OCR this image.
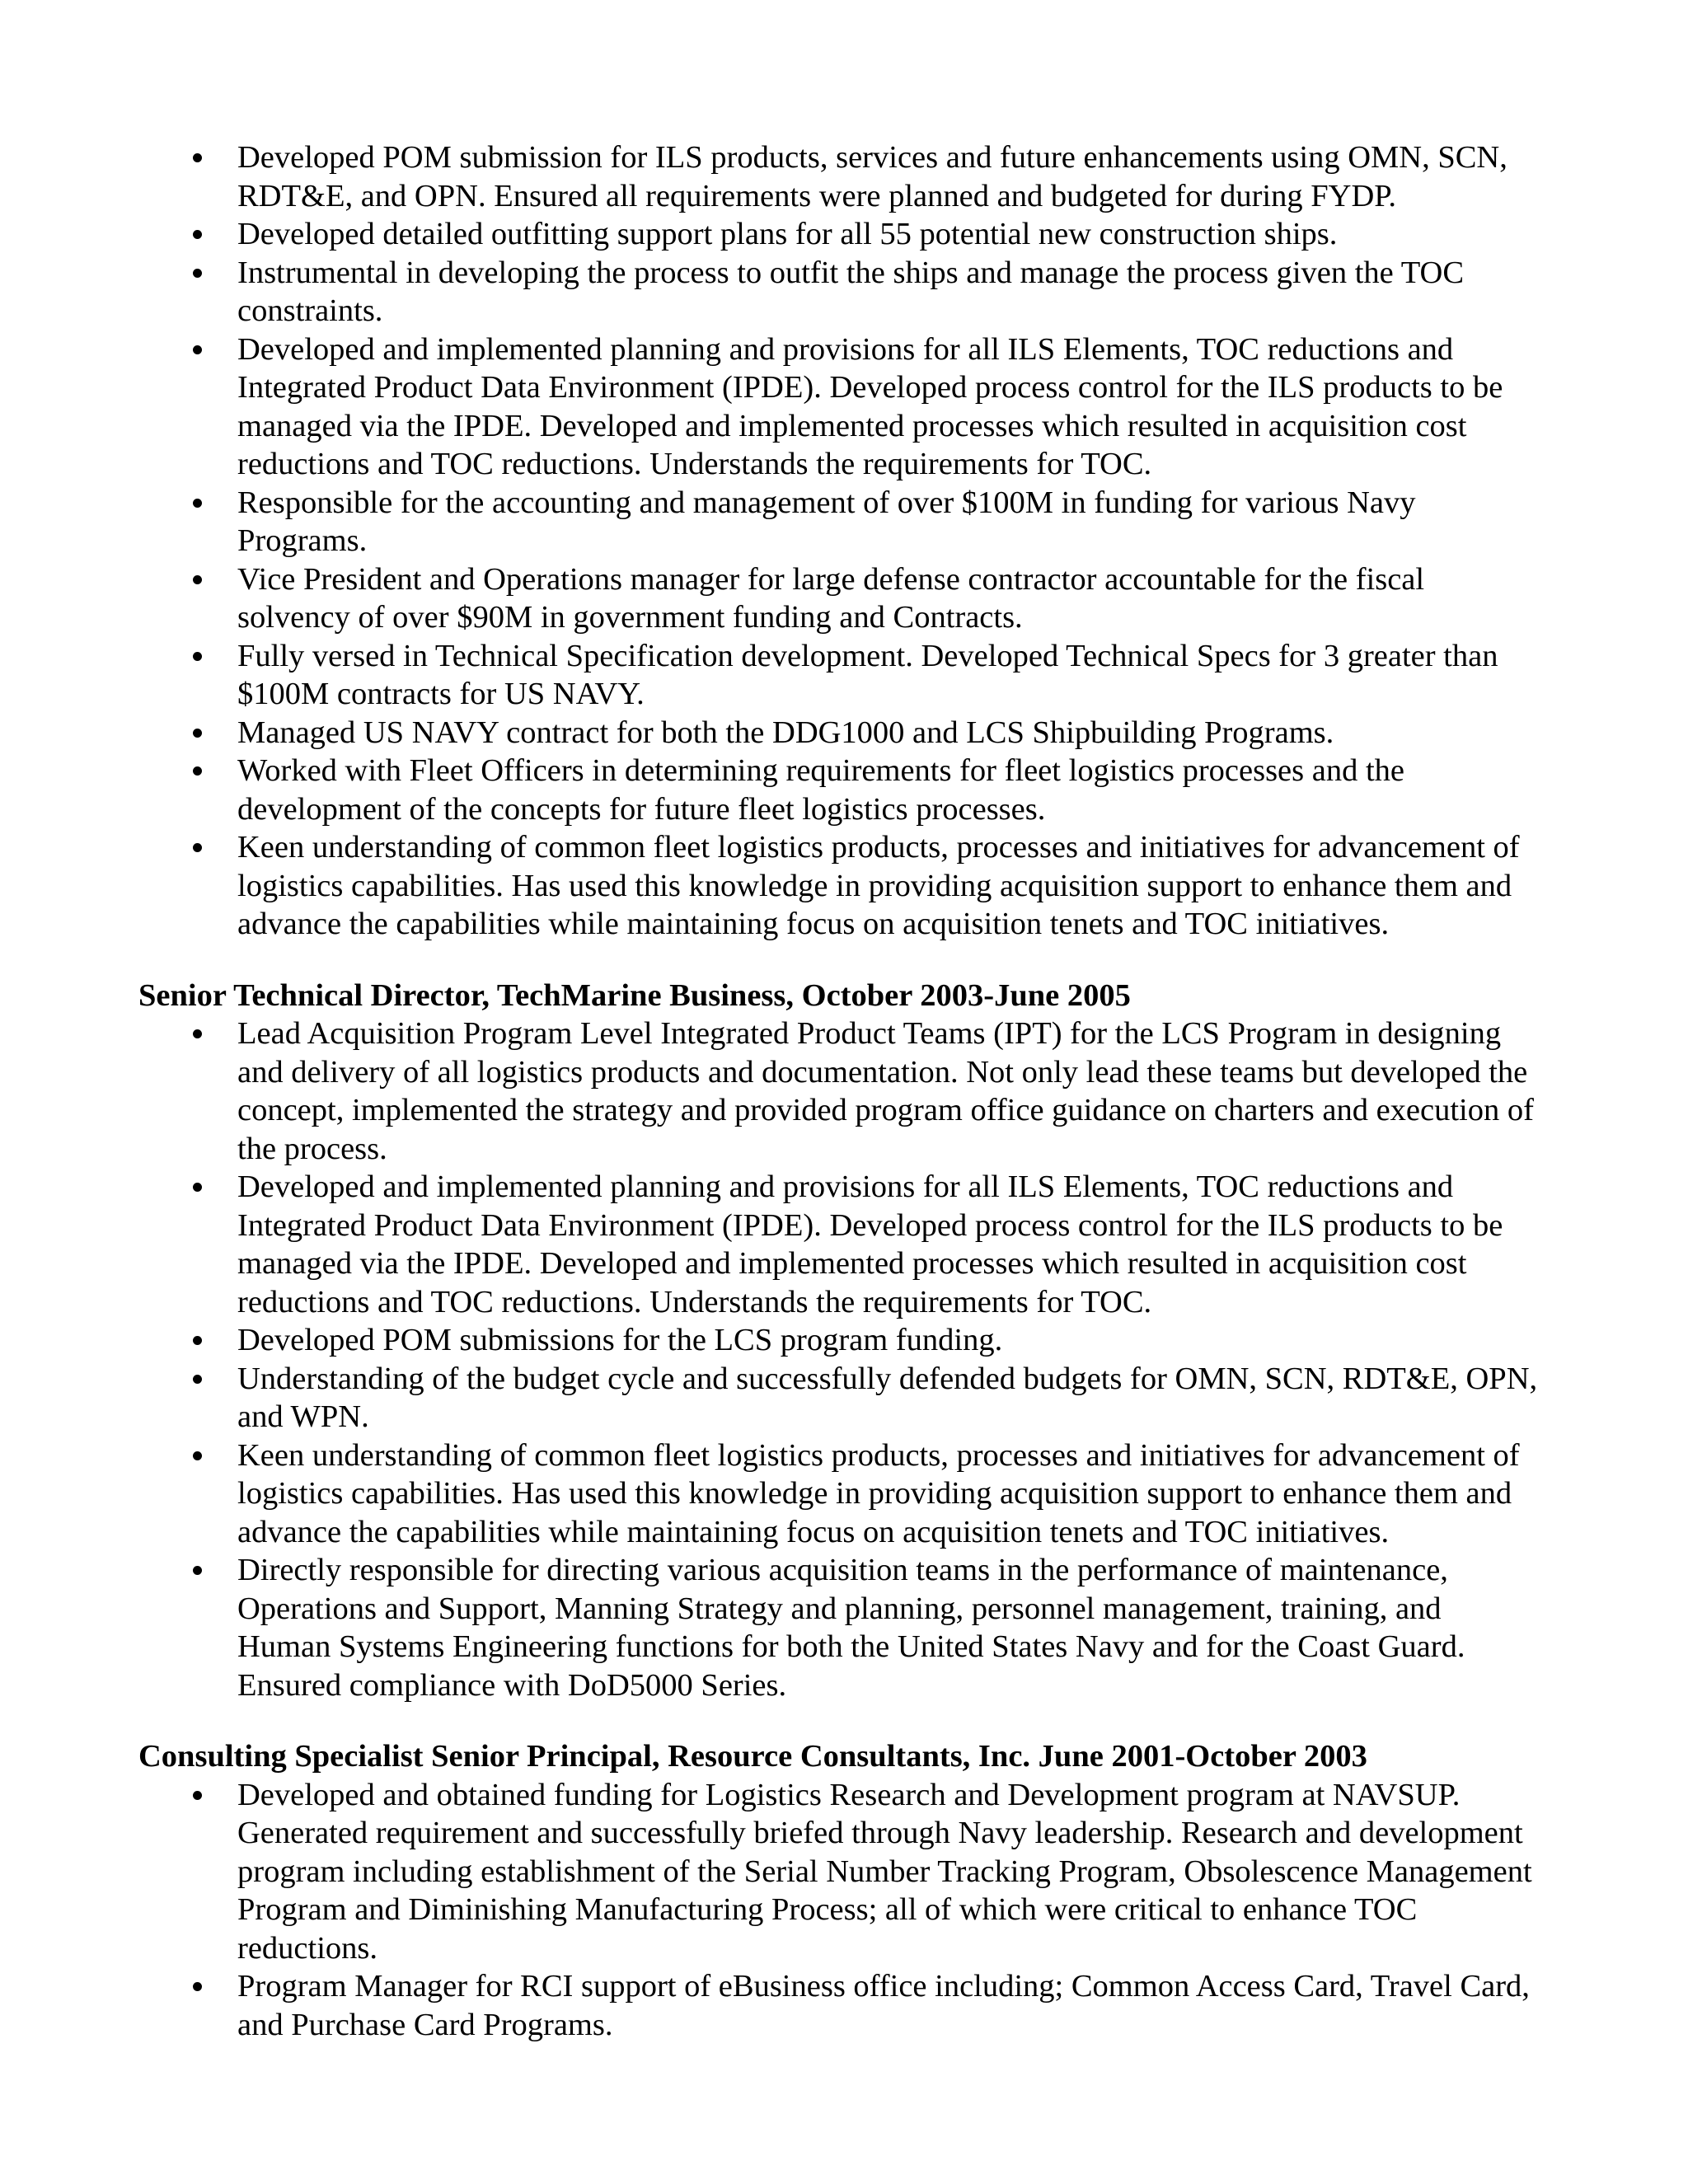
Developed POM submission for ILS products, services and future enhancements using OMN, SCN, RDT&E, and OPN. Ensured all requirements were planned and budgeted for during FYDP.
Developed detailed outfitting support plans for all 55 potential new construction ships.
Instrumental in developing the process to outfit the ships and manage the process given the TOC constraints.
Developed and implemented planning and provisions for all ILS Elements, TOC reductions and Integrated Product Data Environment (IPDE). Developed process control for the ILS products to be managed via the IPDE. Developed and implemented processes which resulted in acquisition cost reductions and TOC reductions. Understands the requirements for TOC.
Responsible for the accounting and management of over $100M in funding for various Navy Programs.
Vice President and Operations manager for large defense contractor accountable for the fiscal solvency of over $90M in government funding and Contracts.
Fully versed in Technical Specification development. Developed Technical Specs for 3 greater than $100M contracts for US NAVY.
Managed US NAVY contract for both the DDG1000 and LCS Shipbuilding Programs.
Worked with Fleet Officers in determining requirements for fleet logistics processes and the development of the concepts for future fleet logistics processes.
Keen understanding of common fleet logistics products, processes and initiatives for advancement of logistics capabilities. Has used this knowledge in providing acquisition support to enhance them and advance the capabilities while maintaining focus on acquisition tenets and TOC initiatives.

Senior Technical Director, TechMarine Business, October 2003-June 2005

Lead Acquisition Program Level Integrated Product Teams (IPT) for the LCS Program in designing and delivery of all logistics products and documentation. Not only lead these teams but developed the concept, implemented the strategy and provided program office guidance on charters and execution of the process.
Developed and implemented planning and provisions for all ILS Elements, TOC reductions and Integrated Product Data Environment (IPDE). Developed process control for the ILS products to be managed via the IPDE. Developed and implemented processes which resulted in acquisition cost reductions and TOC reductions. Understands the requirements for TOC.
Developed POM submissions for the LCS program funding.
Understanding of the budget cycle and successfully defended budgets for OMN, SCN, RDT&E, OPN, and WPN.
Keen understanding of common fleet logistics products, processes and initiatives for advancement of logistics capabilities. Has used this knowledge in providing acquisition support to enhance them and advance the capabilities while maintaining focus on acquisition tenets and TOC initiatives.
Directly responsible for directing various acquisition teams in the performance of maintenance, Operations and Support, Manning Strategy and planning, personnel management, training, and Human Systems Engineering functions for both the United States Navy and for the Coast Guard. Ensured compliance with DoD5000 Series.

Consulting Specialist Senior Principal, Resource Consultants, Inc. June 2001-October 2003

Developed and obtained funding for Logistics Research and Development program at NAVSUP. Generated requirement and successfully briefed through Navy leadership. Research and development program including establishment of the Serial Number Tracking Program, Obsolescence Management Program and Diminishing Manufacturing Process; all of which were critical to enhance TOC reductions.
Program Manager for RCI support of eBusiness office including; Common Access Card, Travel Card, and Purchase Card Programs.
